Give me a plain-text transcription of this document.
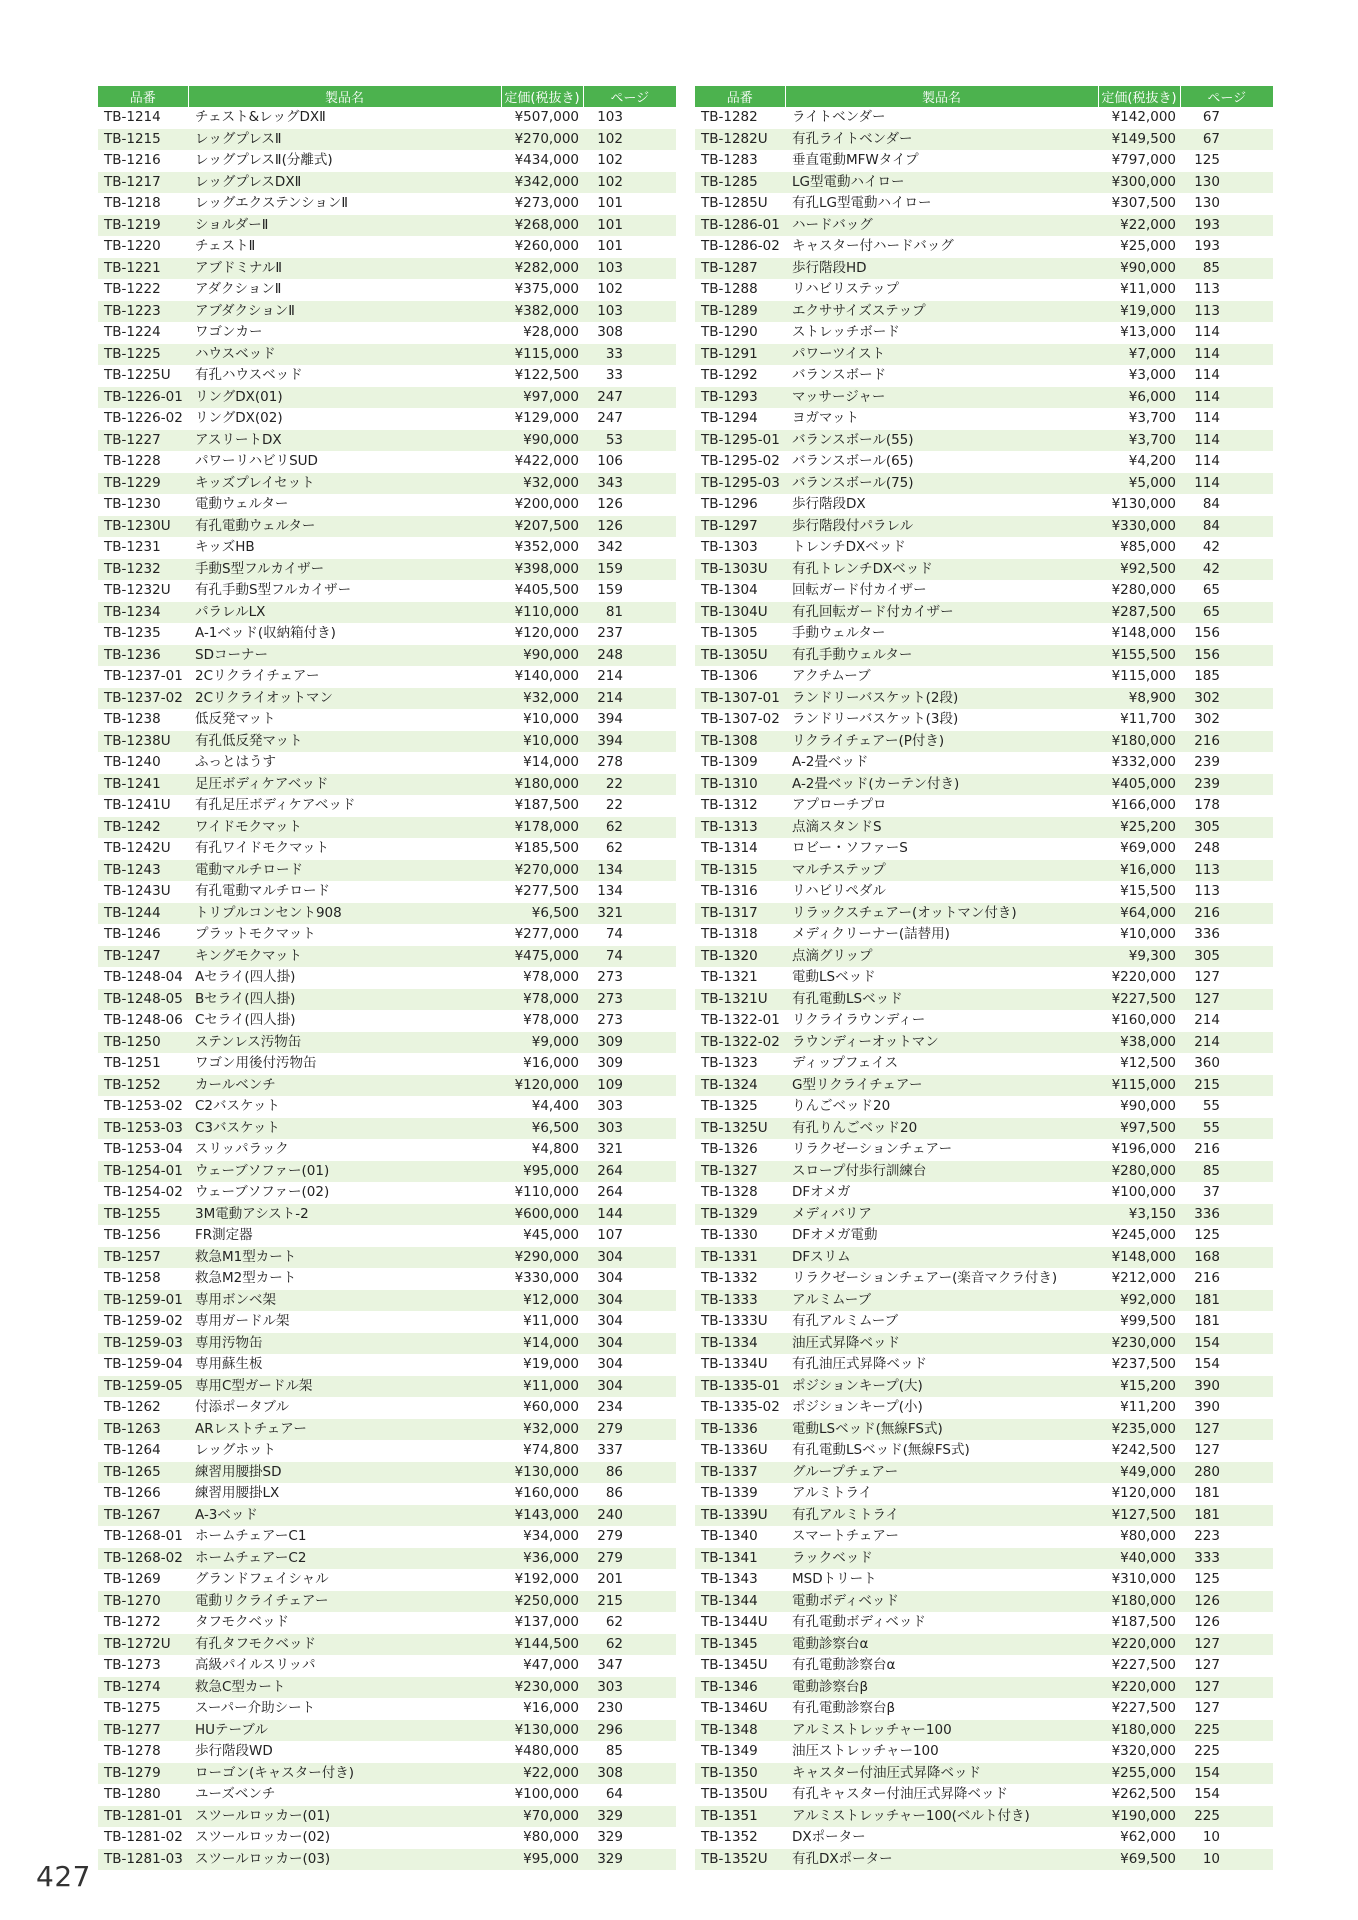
品番	製品名	定価(税抜き)	ページ
TB-1214	チェスト&レッグDXⅡ	¥507,000	103
TB-1215	レッグプレスⅡ	¥270,000	102
TB-1216	レッグプレスⅡ(分離式)	¥434,000	102
TB-1217	レッグプレスDXⅡ	¥342,000	102
TB-1218	レッグエクステンションⅡ	¥273,000	101
TB-1219	ショルダーⅡ	¥268,000	101
TB-1220	チェストⅡ	¥260,000	101
TB-1221	アブドミナルⅡ	¥282,000	103
TB-1222	アダクションⅡ	¥375,000	102
TB-1223	アブダクションⅡ	¥382,000	103
TB-1224	ワゴンカー	¥28,000	308
TB-1225	ハウスベッド	¥115,000	33
TB-1225U	有孔ハウスベッド	¥122,500	33
TB-1226-01	リングDX(01)	¥97,000	247
TB-1226-02	リングDX(02)	¥129,000	247
TB-1227	アスリートDX	¥90,000	53
TB-1228	パワーリハビリSUD	¥422,000	106
TB-1229	キッズプレイセット	¥32,000	343
TB-1230	電動ウェルター	¥200,000	126
TB-1230U	有孔電動ウェルター	¥207,500	126
TB-1231	キッズHB	¥352,000	342
TB-1232	手動S型フルカイザー	¥398,000	159
TB-1232U	有孔手動S型フルカイザー	¥405,500	159
TB-1234	パラレルLX	¥110,000	81
TB-1235	A-1ベッド(収納箱付き)	¥120,000	237
TB-1236	SDコーナー	¥90,000	248
TB-1237-01	2Cリクライチェアー	¥140,000	214
TB-1237-02	2Cリクライオットマン	¥32,000	214
TB-1238	低反発マット	¥10,000	394
TB-1238U	有孔低反発マット	¥10,000	394
TB-1240	ふっとはうす	¥14,000	278
TB-1241	足圧ボディケアベッド	¥180,000	22
TB-1241U	有孔足圧ボディケアベッド	¥187,500	22
TB-1242	ワイドモクマット	¥178,000	62
TB-1242U	有孔ワイドモクマット	¥185,500	62
TB-1243	電動マルチロード	¥270,000	134
TB-1243U	有孔電動マルチロード	¥277,500	134
TB-1244	トリプルコンセント908	¥6,500	321
TB-1246	プラットモクマット	¥277,000	74
TB-1247	キングモクマット	¥475,000	74
TB-1248-04	Aセライ(四人掛)	¥78,000	273
TB-1248-05	Bセライ(四人掛)	¥78,000	273
TB-1248-06	Cセライ(四人掛)	¥78,000	273
TB-1250	ステンレス汚物缶	¥9,000	309
TB-1251	ワゴン用後付汚物缶	¥16,000	309
TB-1252	カールベンチ	¥120,000	109
TB-1253-02	C2バスケット	¥4,400	303
TB-1253-03	C3バスケット	¥6,500	303
TB-1253-04	スリッパラック	¥4,800	321
TB-1254-01	ウェーブソファー(01)	¥95,000	264
TB-1254-02	ウェーブソファー(02)	¥110,000	264
TB-1255	3M電動アシスト-2	¥600,000	144
TB-1256	FR測定器	¥45,000	107
TB-1257	救急M1型カート	¥290,000	304
TB-1258	救急M2型カート	¥330,000	304
TB-1259-01	専用ボンベ架	¥12,000	304
TB-1259-02	専用ガードル架	¥11,000	304
TB-1259-03	専用汚物缶	¥14,000	304
TB-1259-04	専用蘇生板	¥19,000	304
TB-1259-05	専用C型ガードル架	¥11,000	304
TB-1262	付添ポータブル	¥60,000	234
TB-1263	ARレストチェアー	¥32,000	279
TB-1264	レッグホット	¥74,800	337
TB-1265	練習用腰掛SD	¥130,000	86
TB-1266	練習用腰掛LX	¥160,000	86
TB-1267	A-3ベッド	¥143,000	240
TB-1268-01	ホームチェアーC1	¥34,000	279
TB-1268-02	ホームチェアーC2	¥36,000	279
TB-1269	グランドフェイシャル	¥192,000	201
TB-1270	電動リクライチェアー	¥250,000	215
TB-1272	タフモクベッド	¥137,000	62
TB-1272U	有孔タフモクベッド	¥144,500	62
TB-1273	高級パイルスリッパ	¥47,000	347
TB-1274	救急C型カート	¥230,000	303
TB-1275	スーパー介助シート	¥16,000	230
TB-1277	HUテーブル	¥130,000	296
TB-1278	歩行階段WD	¥480,000	85
TB-1279	ローゴン(キャスター付き)	¥22,000	308
TB-1280	ユーズベンチ	¥100,000	64
TB-1281-01	スツールロッカー(01)	¥70,000	329
TB-1281-02	スツールロッカー(02)	¥80,000	329
TB-1281-03	スツールロッカー(03)	¥95,000	329
品番	製品名	定価(税抜き)	ページ
TB-1282	ライトベンダー	¥142,000	67
TB-1282U	有孔ライトベンダー	¥149,500	67
TB-1283	垂直電動MFWタイプ	¥797,000	125
TB-1285	LG型電動ハイロー	¥300,000	130
TB-1285U	有孔LG型電動ハイロー	¥307,500	130
TB-1286-01	ハードバッグ	¥22,000	193
TB-1286-02	キャスター付ハードバッグ	¥25,000	193
TB-1287	歩行階段HD	¥90,000	85
TB-1288	リハビリステップ	¥11,000	113
TB-1289	エクササイズステップ	¥19,000	113
TB-1290	ストレッチボード	¥13,000	114
TB-1291	パワーツイスト	¥7,000	114
TB-1292	バランスボード	¥3,000	114
TB-1293	マッサージャー	¥6,000	114
TB-1294	ヨガマット	¥3,700	114
TB-1295-01	バランスボール(55)	¥3,700	114
TB-1295-02	バランスボール(65)	¥4,200	114
TB-1295-03	バランスボール(75)	¥5,000	114
TB-1296	歩行階段DX	¥130,000	84
TB-1297	歩行階段付パラレル	¥330,000	84
TB-1303	トレンチDXベッド	¥85,000	42
TB-1303U	有孔トレンチDXベッド	¥92,500	42
TB-1304	回転ガード付カイザー	¥280,000	65
TB-1304U	有孔回転ガード付カイザー	¥287,500	65
TB-1305	手動ウェルター	¥148,000	156
TB-1305U	有孔手動ウェルター	¥155,500	156
TB-1306	アクチムーブ	¥115,000	185
TB-1307-01	ランドリーバスケット(2段)	¥8,900	302
TB-1307-02	ランドリーバスケット(3段)	¥11,700	302
TB-1308	リクライチェアー(P付き)	¥180,000	216
TB-1309	A-2畳ベッド	¥332,000	239
TB-1310	A-2畳ベッド(カーテン付き)	¥405,000	239
TB-1312	アプローチプロ	¥166,000	178
TB-1313	点滴スタンドS	¥25,200	305
TB-1314	ロビー・ソファーS	¥69,000	248
TB-1315	マルチステップ	¥16,000	113
TB-1316	リハビリペダル	¥15,500	113
TB-1317	リラックスチェアー(オットマン付き)	¥64,000	216
TB-1318	メディクリーナー(詰替用)	¥10,000	336
TB-1320	点滴グリップ	¥9,300	305
TB-1321	電動LSベッド	¥220,000	127
TB-1321U	有孔電動LSベッド	¥227,500	127
TB-1322-01	リクライラウンディー	¥160,000	214
TB-1322-02	ラウンディーオットマン	¥38,000	214
TB-1323	ディップフェイス	¥12,500	360
TB-1324	G型リクライチェアー	¥115,000	215
TB-1325	りんごベッド20	¥90,000	55
TB-1325U	有孔りんごベッド20	¥97,500	55
TB-1326	リラクゼーションチェアー	¥196,000	216
TB-1327	スロープ付歩行訓練台	¥280,000	85
TB-1328	DFオメガ	¥100,000	37
TB-1329	メディバリア	¥3,150	336
TB-1330	DFオメガ電動	¥245,000	125
TB-1331	DFスリム	¥148,000	168
TB-1332	リラクゼーションチェアー(楽音マクラ付き)	¥212,000	216
TB-1333	アルミムーブ	¥92,000	181
TB-1333U	有孔アルミムーブ	¥99,500	181
TB-1334	油圧式昇降ベッド	¥230,000	154
TB-1334U	有孔油圧式昇降ベッド	¥237,500	154
TB-1335-01	ポジションキープ(大)	¥15,200	390
TB-1335-02	ポジションキープ(小)	¥11,200	390
TB-1336	電動LSベッド(無線FS式)	¥235,000	127
TB-1336U	有孔電動LSベッド(無線FS式)	¥242,500	127
TB-1337	グループチェアー	¥49,000	280
TB-1339	アルミトライ	¥120,000	181
TB-1339U	有孔アルミトライ	¥127,500	181
TB-1340	スマートチェアー	¥80,000	223
TB-1341	ラックベッド	¥40,000	333
TB-1343	MSDトリート	¥310,000	125
TB-1344	電動ボディベッド	¥180,000	126
TB-1344U	有孔電動ボディベッド	¥187,500	126
TB-1345	電動診察台α	¥220,000	127
TB-1345U	有孔電動診察台α	¥227,500	127
TB-1346	電動診察台β	¥220,000	127
TB-1346U	有孔電動診察台β	¥227,500	127
TB-1348	アルミストレッチャー100	¥180,000	225
TB-1349	油圧ストレッチャー100	¥320,000	225
TB-1350	キャスター付油圧式昇降ベッド	¥255,000	154
TB-1350U	有孔キャスター付油圧式昇降ベッド	¥262,500	154
TB-1351	アルミストレッチャー100(ベルト付き)	¥190,000	225
TB-1352	DXポーター	¥62,000	10
TB-1352U	有孔DXポーター	¥69,500	10
427
